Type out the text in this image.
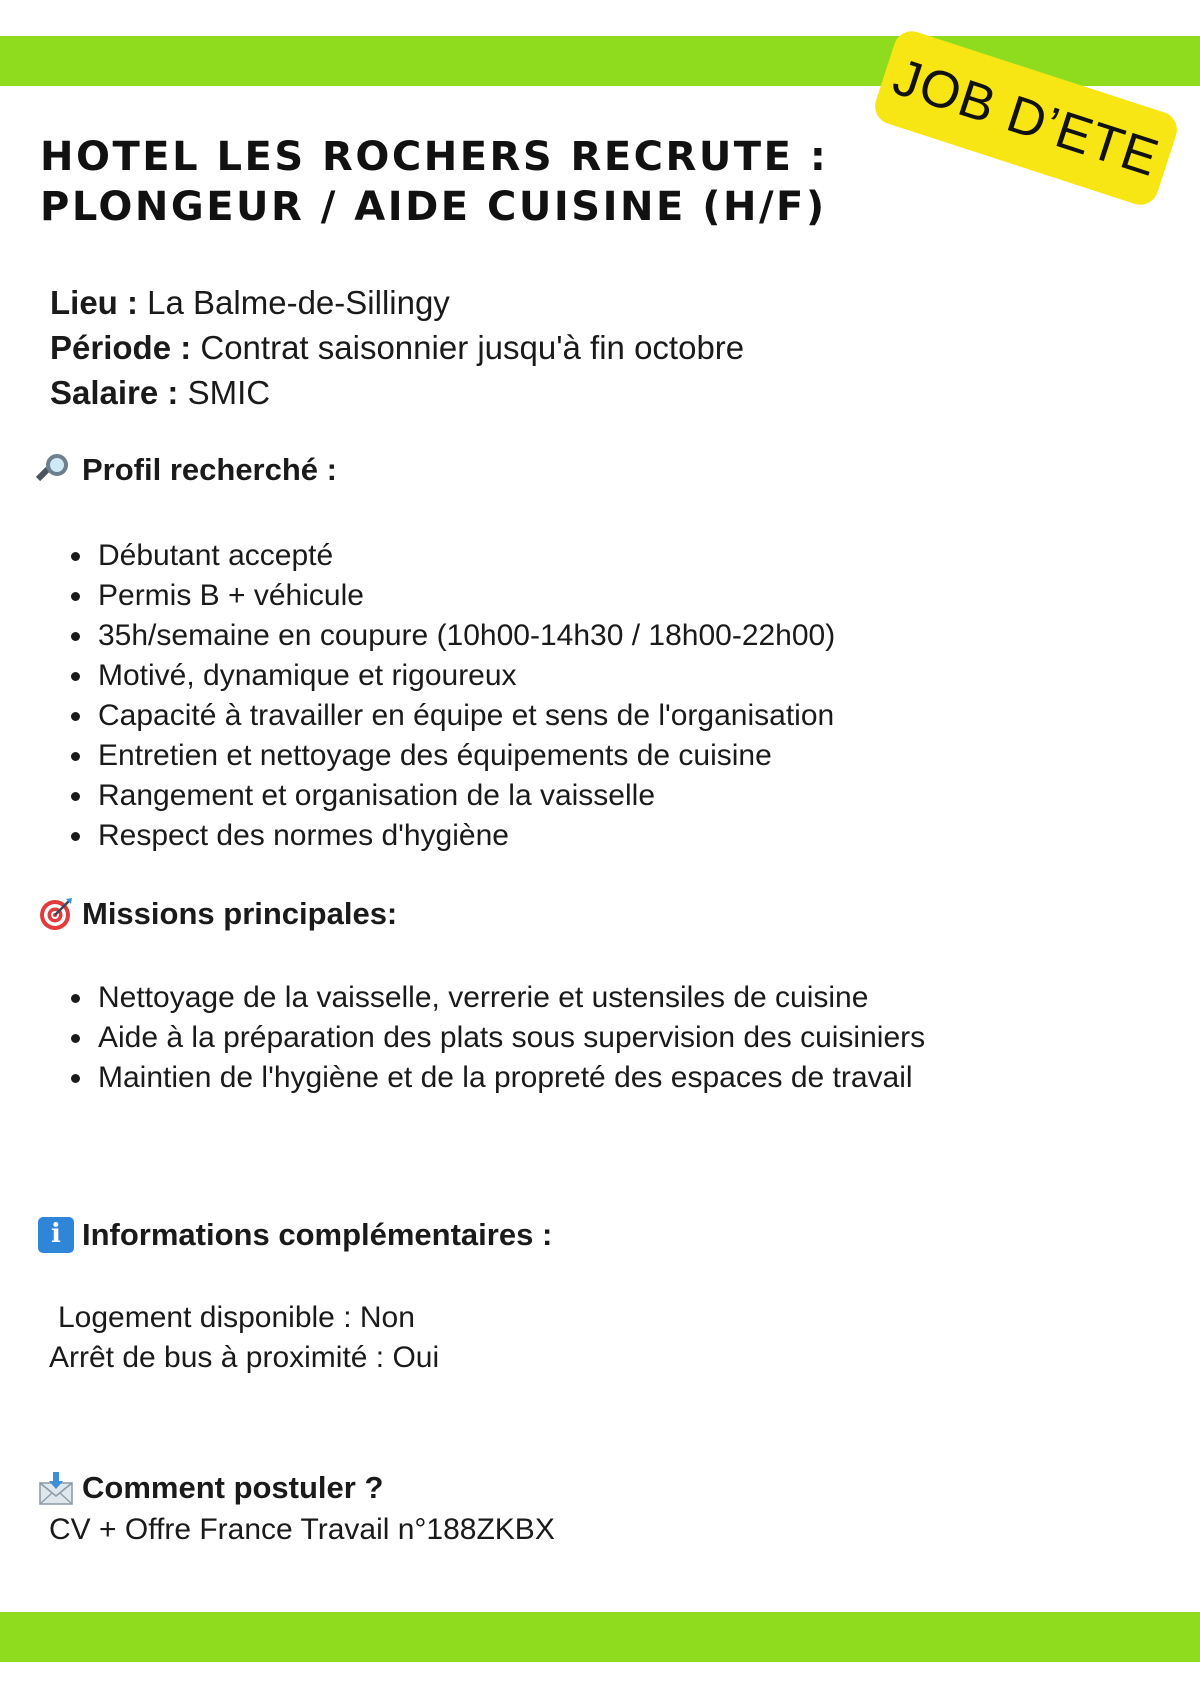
JOB D’ETE
HOTEL LES ROCHERS RECRUTE :
PLONGEUR / AIDE CUISINE (H/F)
Lieu : La Balme-de-Sillingy
Période : Contrat saisonnier jusqu'à fin octobre
Salaire : SMIC
Profil recherché :
Débutant accepté
Permis B + véhicule
35h/semaine en coupure (10h00-14h30 / 18h00-22h00)
Motivé, dynamique et rigoureux
Capacité à travailler en équipe et sens de l'organisation
Entretien et nettoyage des équipements de cuisine
Rangement et organisation de la vaisselle
Respect des normes d'hygiène
Missions principales:
Nettoyage de la vaisselle, verrerie et ustensiles de cuisine
Aide à la préparation des plats sous supervision des cuisiniers
Maintien de l'hygiène et de la propreté des espaces de travail
i Informations complémentaires :
Logement disponible : Non
Arrêt de bus à proximité : Oui
Comment postuler ?
CV + Offre France Travail n°188ZKBX
